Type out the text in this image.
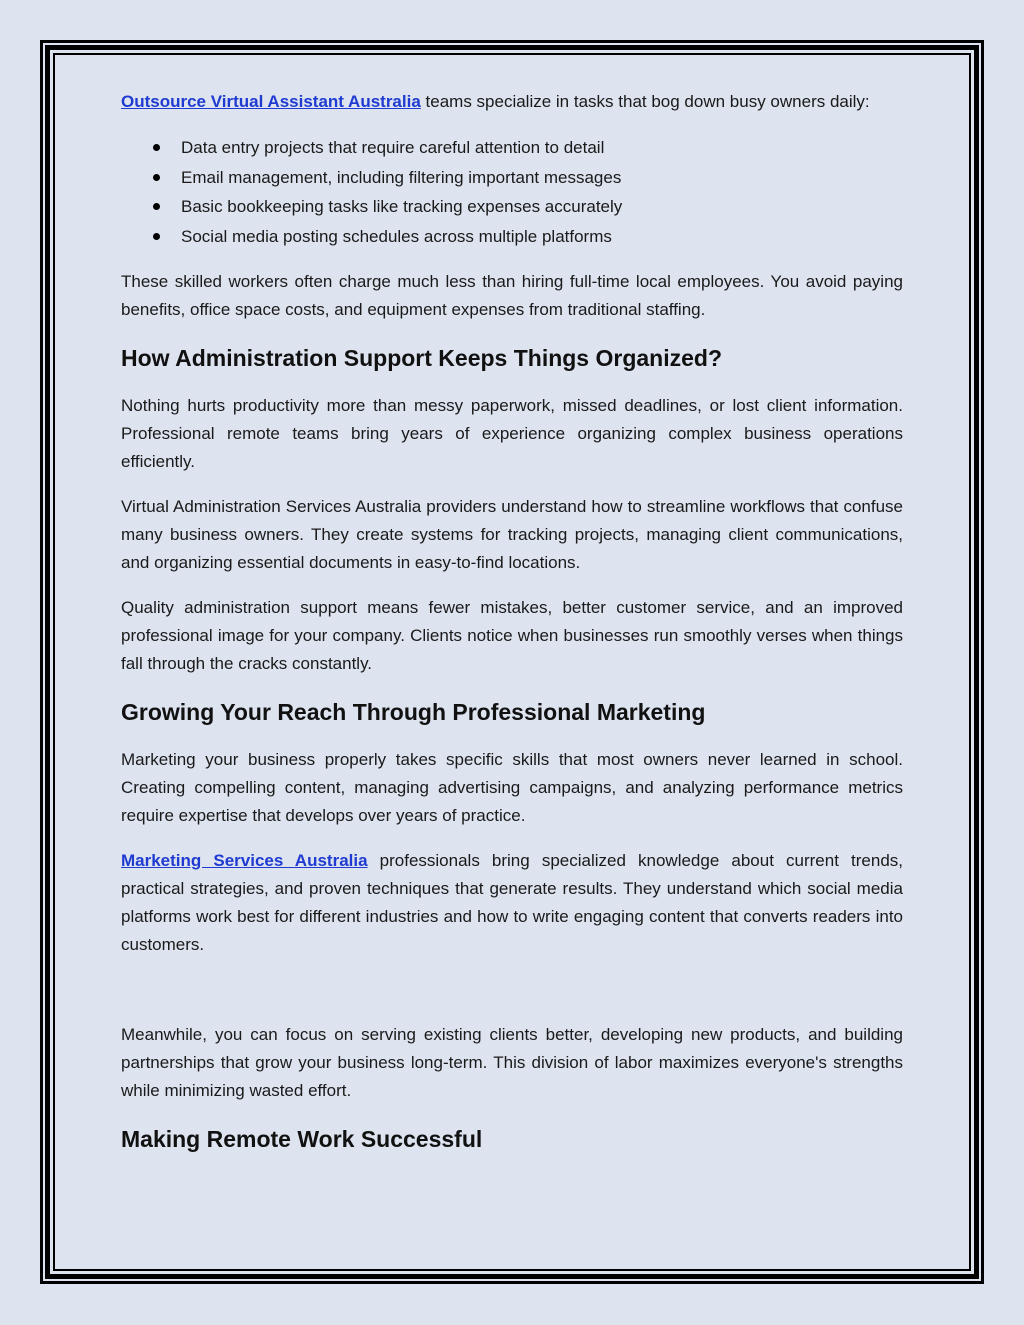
Outsource Virtual Assistant Australia teams specialize in tasks that bog down busy owners daily:

Data entry projects that require careful attention to detail
Email management, including filtering important messages
Basic bookkeeping tasks like tracking expenses accurately
Social media posting schedules across multiple platforms

These skilled workers often charge much less than hiring full-time local employees. You avoid paying benefits, office space costs, and equipment expenses from traditional staffing.

How Administration Support Keeps Things Organized?

Nothing hurts productivity more than messy paperwork, missed deadlines, or lost client information. Professional remote teams bring years of experience organizing complex business operations efficiently.

Virtual Administration Services Australia providers understand how to streamline workflows that confuse many business owners. They create systems for tracking projects, managing client communications, and organizing essential documents in easy-to-find locations.

Quality administration support means fewer mistakes, better customer service, and an improved professional image for your company. Clients notice when businesses run smoothly verses when things fall through the cracks constantly.

Growing Your Reach Through Professional Marketing

Marketing your business properly takes specific skills that most owners never learned in school. Creating compelling content, managing advertising campaigns, and analyzing performance metrics require expertise that develops over years of practice.

Marketing Services Australia professionals bring specialized knowledge about current trends, practical strategies, and proven techniques that generate results. They understand which social media platforms work best for different industries and how to write engaging content that converts readers into customers.

Meanwhile, you can focus on serving existing clients better, developing new products, and building partnerships that grow your business long-term. This division of labor maximizes everyone's strengths while minimizing wasted effort.

Making Remote Work Successful
